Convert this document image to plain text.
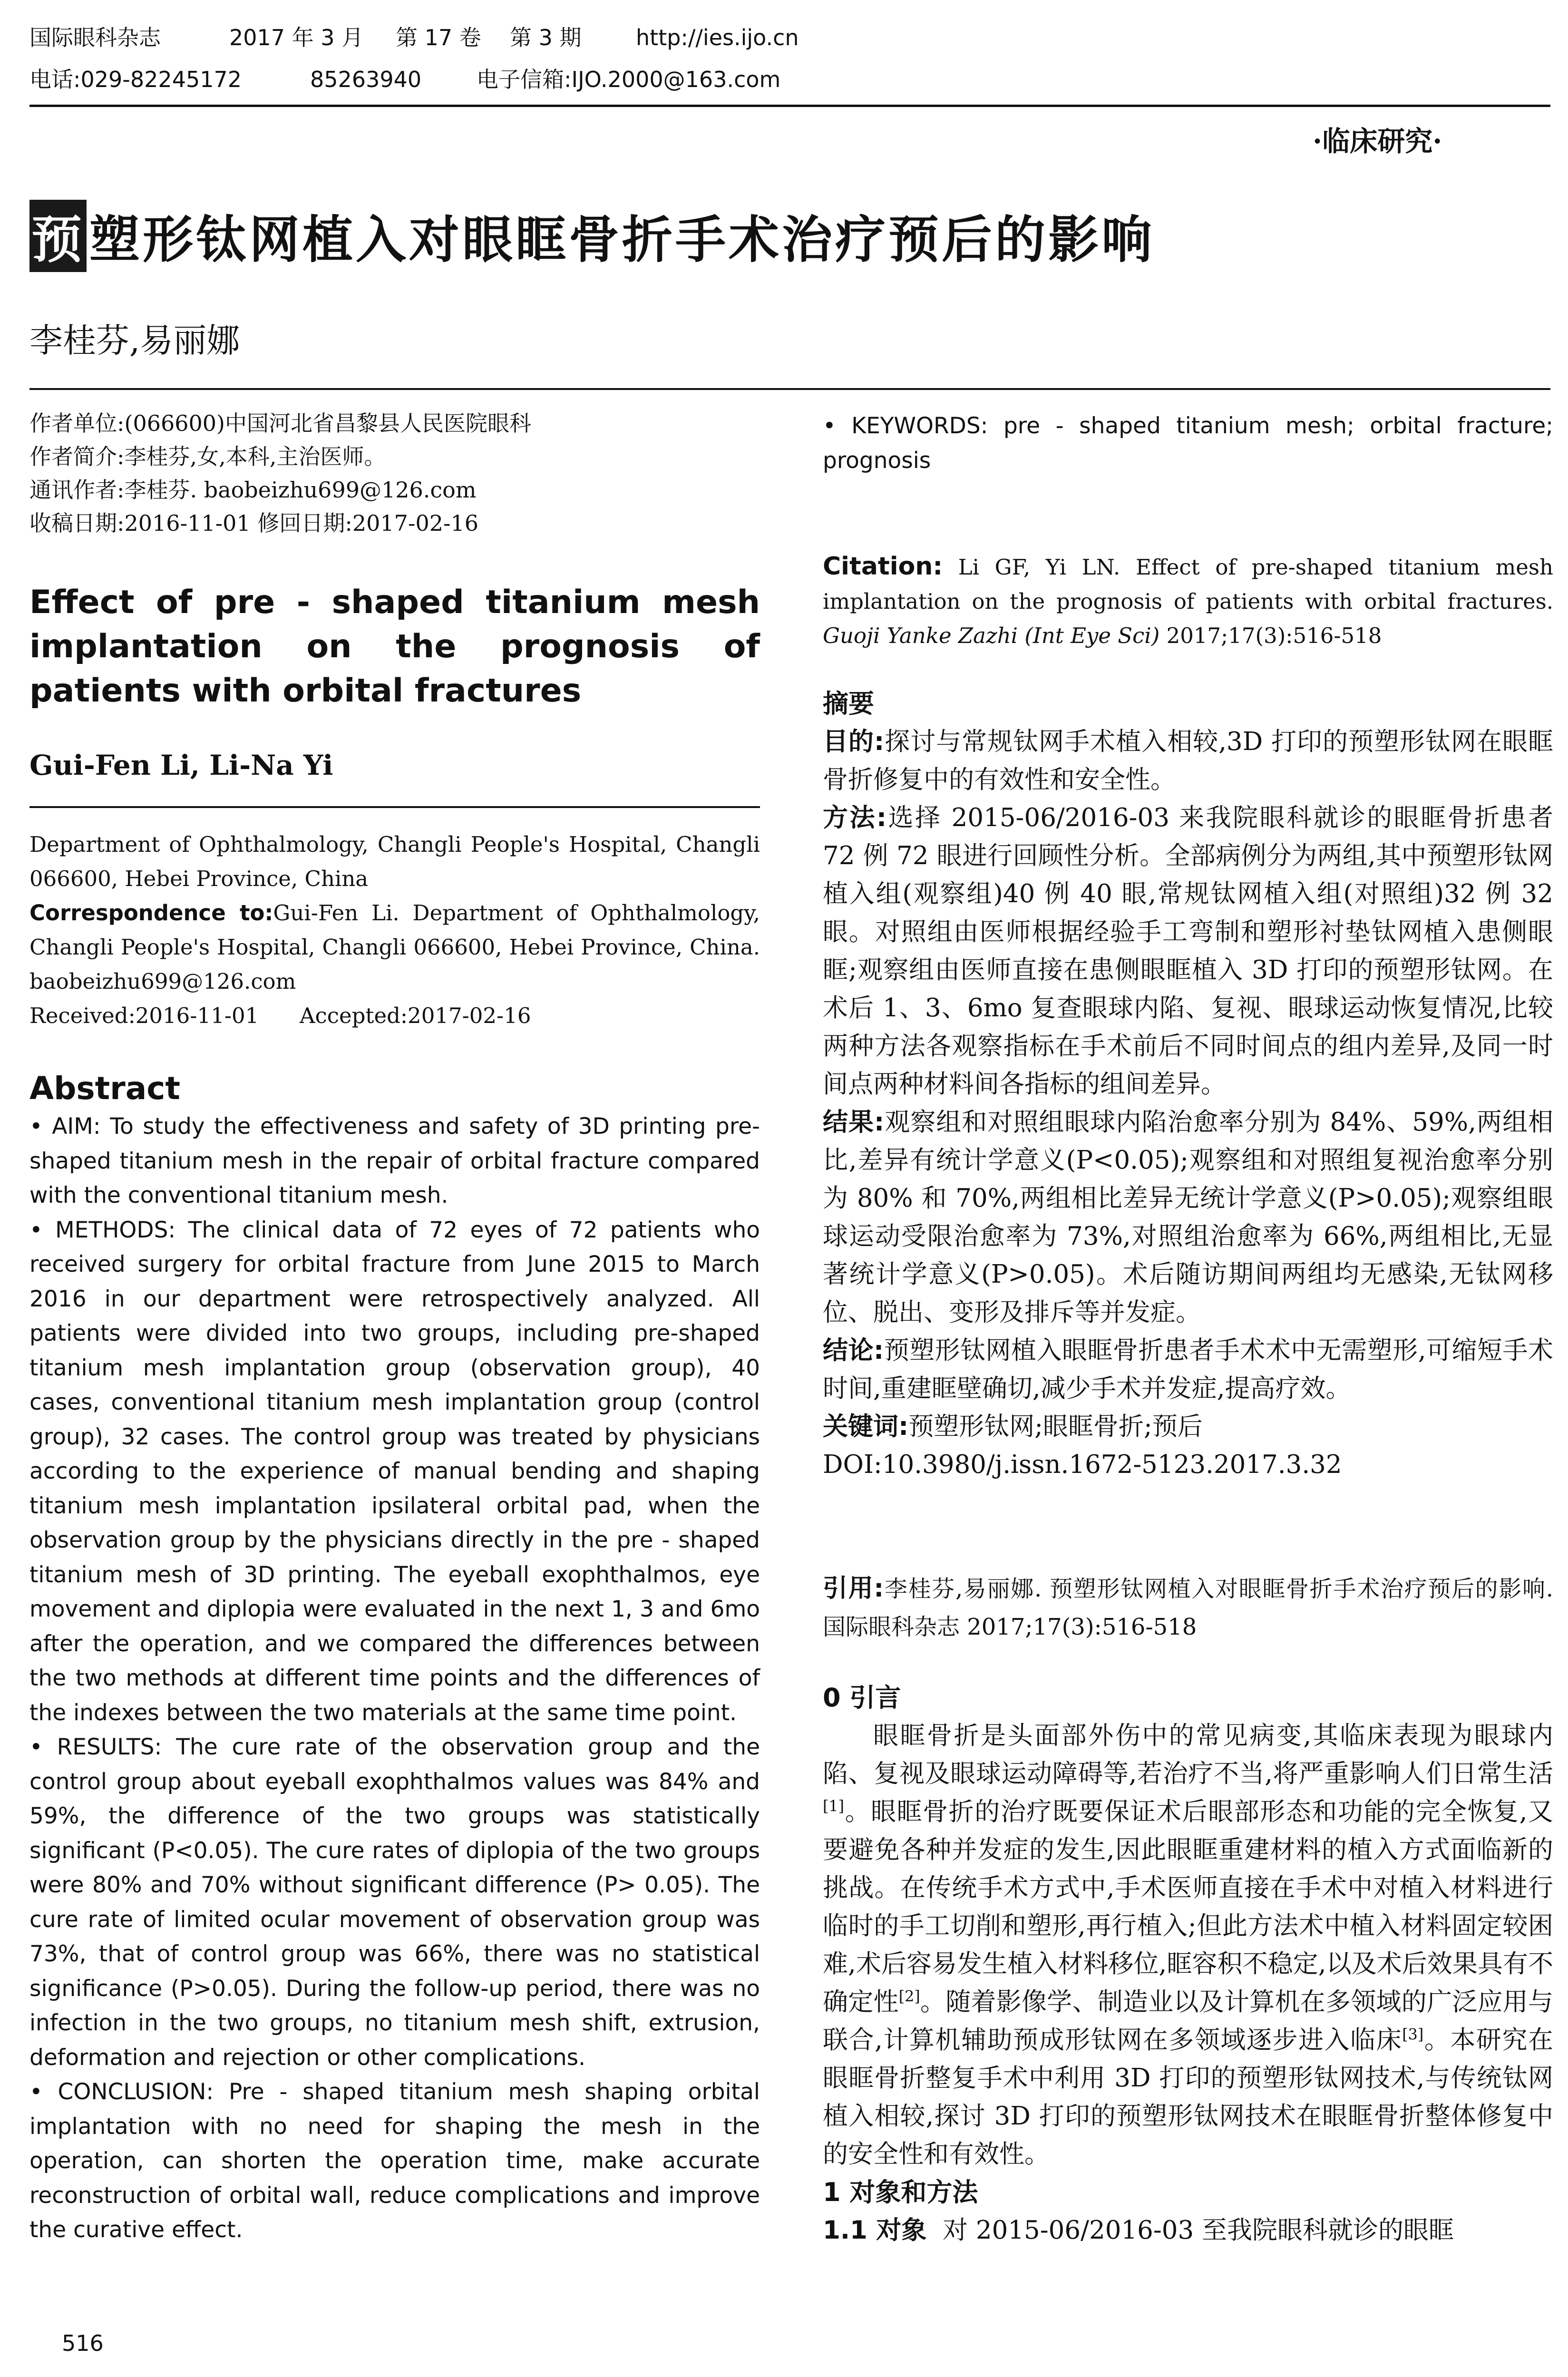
国际眼科杂志	2017 年 3 月 第 17 卷 第 3 期 http://ies.ijo.cn
电话:029-82245172	85263940	电子信箱:IJO.2000@163.com
·临床研究·
预塑形钛网植入对眼眶骨折手术治疗预后的影响
李桂芬,易丽娜

作者单位:(066600)中国河北省昌黎县人民医院眼科

作者简介:李桂芬,女,本科,主治医师。

通讯作者:李桂芬. baobeizhu699@126.com

收稿日期:2016-11-01 修回日期:2017-02-16

Effect of pre - shaped titanium mesh implantation on the prognosis of patients with orbital fractures

Gui-Fen Li, Li-Na Yi

Department of Ophthalmology, Changli People's Hospital, Changli 066600, Hebei Province, China

Correspondence to:Gui-Fen Li. Department of Ophthalmology, Changli People's Hospital, Changli 066600, Hebei Province, China. baobeizhu699@126.com

Received:2016-11-01      Accepted:2017-02-16

Abstract

• AIM: To study the effectiveness and safety of 3D printing pre-shaped titanium mesh in the repair of orbital fracture compared with the conventional titanium mesh.

• METHODS: The clinical data of 72 eyes of 72 patients who received surgery for orbital fracture from June 2015 to March 2016 in our department were retrospectively analyzed. All patients were divided into two groups, including pre-shaped titanium mesh implantation group (observation group), 40 cases, conventional titanium mesh implantation group (control group), 32 cases. The control group was treated by physicians according to the experience of manual bending and shaping titanium mesh implantation ipsilateral orbital pad, when the observation group by the physicians directly in the pre - shaped titanium mesh of 3D printing. The eyeball exophthalmos, eye movement and diplopia were evaluated in the next 1, 3 and 6mo after the operation, and we compared the differences between the two methods at different time points and the differences of the indexes between the two materials at the same time point.

• RESULTS: The cure rate of the observation group and the control group about eyeball exophthalmos values was 84% and 59%, the difference of the two groups was statistically significant (P<0.05). The cure rates of diplopia of the two groups were 80% and 70% without significant difference (P> 0.05). The cure rate of limited ocular movement of observation group was 73%, that of control group was 66%, there was no statistical significance (P>0.05). During the follow-up period, there was no infection in the two groups, no titanium mesh shift, extrusion, deformation and rejection or other complications.

• CONCLUSION: Pre - shaped titanium mesh shaping orbital implantation with no need for shaping the mesh in the operation, can shorten the operation time, make accurate reconstruction of orbital wall, reduce complications and improve the curative effect.

516

• KEYWORDS: pre - shaped titanium mesh; orbital fracture; prognosis

Citation: Li GF, Yi LN. Effect of pre-shaped titanium mesh implantation on the prognosis of patients with orbital fractures. Guoji Yanke Zazhi (Int Eye Sci) 2017;17(3):516-518

摘要

目的:探讨与常规钛网手术植入相较,3D 打印的预塑形钛网在眼眶骨折修复中的有效性和安全性。

方法:选择 2015-06/2016-03 来我院眼科就诊的眼眶骨折患者 72 例 72 眼进行回顾性分析。全部病例分为两组,其中预塑形钛网植入组(观察组)40 例 40 眼,常规钛网植入组(对照组)32 例 32 眼。对照组由医师根据经验手工弯制和塑形衬垫钛网植入患侧眼眶;观察组由医师直接在患侧眼眶植入 3D 打印的预塑形钛网。在术后 1、3、6mo 复查眼球内陷、复视、眼球运动恢复情况,比较两种方法各观察指标在手术前后不同时间点的组内差异,及同一时间点两种材料间各指标的组间差异。

结果:观察组和对照组眼球内陷治愈率分别为 84%、59%,两组相比,差异有统计学意义(P<0.05);观察组和对照组复视治愈率分别为 80% 和 70%,两组相比差异无统计学意义(P>0.05);观察组眼球运动受限治愈率为 73%,对照组治愈率为 66%,两组相比,无显著统计学意义(P>0.05)。术后随访期间两组均无感染,无钛网移位、脱出、变形及排斥等并发症。

结论:预塑形钛网植入眼眶骨折患者手术术中无需塑形,可缩短手术时间,重建眶壁确切,减少手术并发症,提高疗效。

关键词:预塑形钛网;眼眶骨折;预后

DOI:10.3980/j.issn.1672-5123.2017.3.32

引用:李桂芬,易丽娜. 预塑形钛网植入对眼眶骨折手术治疗预后的影响. 国际眼科杂志 2017;17(3):516-518

0 引言

眼眶骨折是头面部外伤中的常见病变,其临床表现为眼球内陷、复视及眼球运动障碍等,若治疗不当,将严重影响人们日常生活[1]。眼眶骨折的治疗既要保证术后眼部形态和功能的完全恢复,又要避免各种并发症的发生,因此眼眶重建材料的植入方式面临新的挑战。在传统手术方式中,手术医师直接在手术中对植入材料进行临时的手工切削和塑形,再行植入;但此方法术中植入材料固定较困难,术后容易发生植入材料移位,眶容积不稳定,以及术后效果具有不确定性[2]。随着影像学、制造业以及计算机在多领域的广泛应用与联合,计算机辅助预成形钛网在多领域逐步进入临床[3]。本研究在眼眶骨折整复手术中利用 3D 打印的预塑形钛网技术,与传统钛网植入相较,探讨 3D 打印的预塑形钛网技术在眼眶骨折整体修复中的安全性和有效性。

1 对象和方法

1.1 对象 对 2015-06/2016-03 至我院眼科就诊的眼眶
